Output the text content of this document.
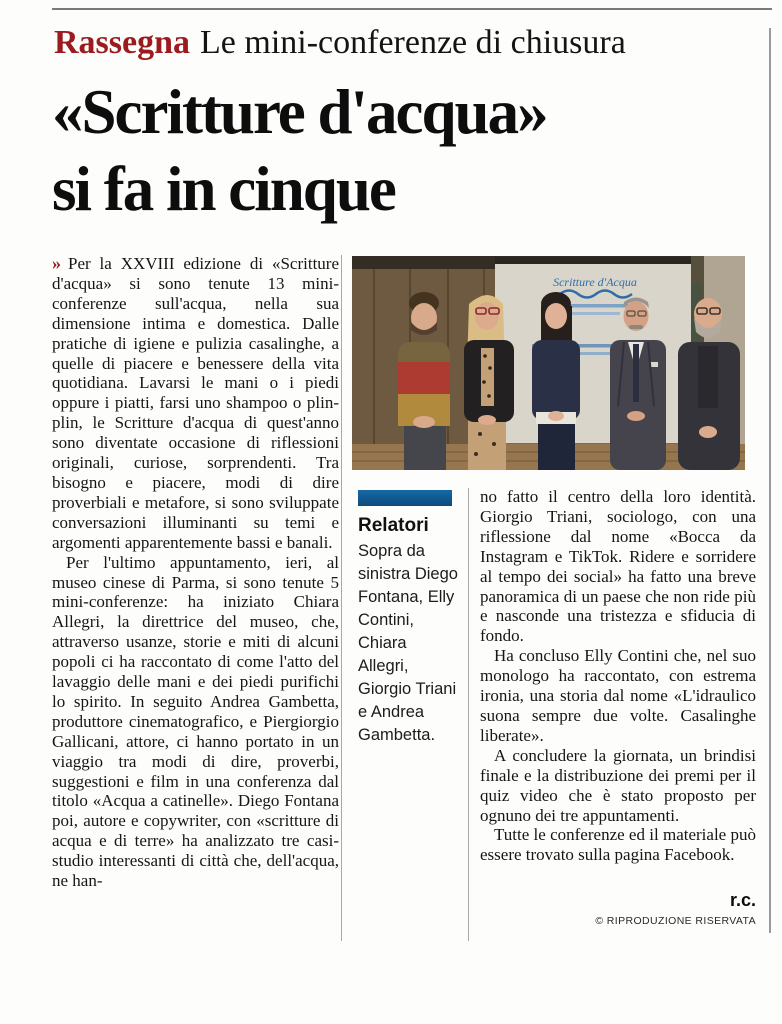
Rassegna Le mini-conferenze di chiusura
«Scritture d'acqua»
si fa in cinque

» Per la XXVIII edizione di «Scritture d'acqua» si sono tenute 13 mini-conferenze sull'acqua, nella sua dimensione intima e domestica. Dalle pratiche di igiene e pulizia casalinghe, a quelle di piacere e benessere della vita quotidiana. Lavarsi le mani o i piedi oppure i piatti, farsi uno shampoo o plin-plin, le Scritture d'acqua di quest'anno sono diventate occasione di riflessioni originali, curiose, sorprendenti. Tra bisogno e piacere, modi di dire proverbiali e metafore, si sono sviluppate conversazioni illuminanti su temi e argomenti apparentemente bassi e banali.

Per l'ultimo appuntamento, ieri, al museo cinese di Parma, si sono tenute 5 mini-conferenze: ha iniziato Chiara Allegri, la direttrice del museo, che, attraverso usanze, storie e miti di alcuni popoli ci ha raccontato di come l'atto del lavaggio delle mani e dei piedi purifichi lo spirito. In seguito Andrea Gambetta, produttore cinematografico, e Piergiorgio Gallicani, attore, ci hanno portato in un viaggio tra modi di dire, proverbi, suggestioni e film in una conferenza dal titolo «Acqua a catinelle». Diego Fontana poi, autore e copywriter, con «scritture di acqua e di terre» ha analizzato tre casi-studio interessanti di città che, dell'acqua, ne han-

Scritture d'Acqua
Relatori
Sopra da sinistra Diego Fontana, Elly Contini, Chiara Allegri, Giorgio Triani e Andrea Gambetta.

no fatto il centro della loro identità. Giorgio Triani, sociologo, con una riflessione dal nome «Bocca da Instagram e TikTok. Ridere e sorridere al tempo dei social» ha fatto una breve panoramica di un paese che non ride più e nasconde una tristezza e sfiducia di fondo.

Ha concluso Elly Contini che, nel suo monologo ha raccontato, con estrema ironia, una storia dal nome «L'idraulico suona sempre due volte. Casalinghe liberate».

A concludere la giornata, un brindisi finale e la distribuzione dei premi per il quiz video che è stato proposto per ognuno dei tre appuntamenti.

Tutte le conferenze ed il materiale può essere trovato sulla pagina Facebook.

r.c.
© RIPRODUZIONE RISERVATA
